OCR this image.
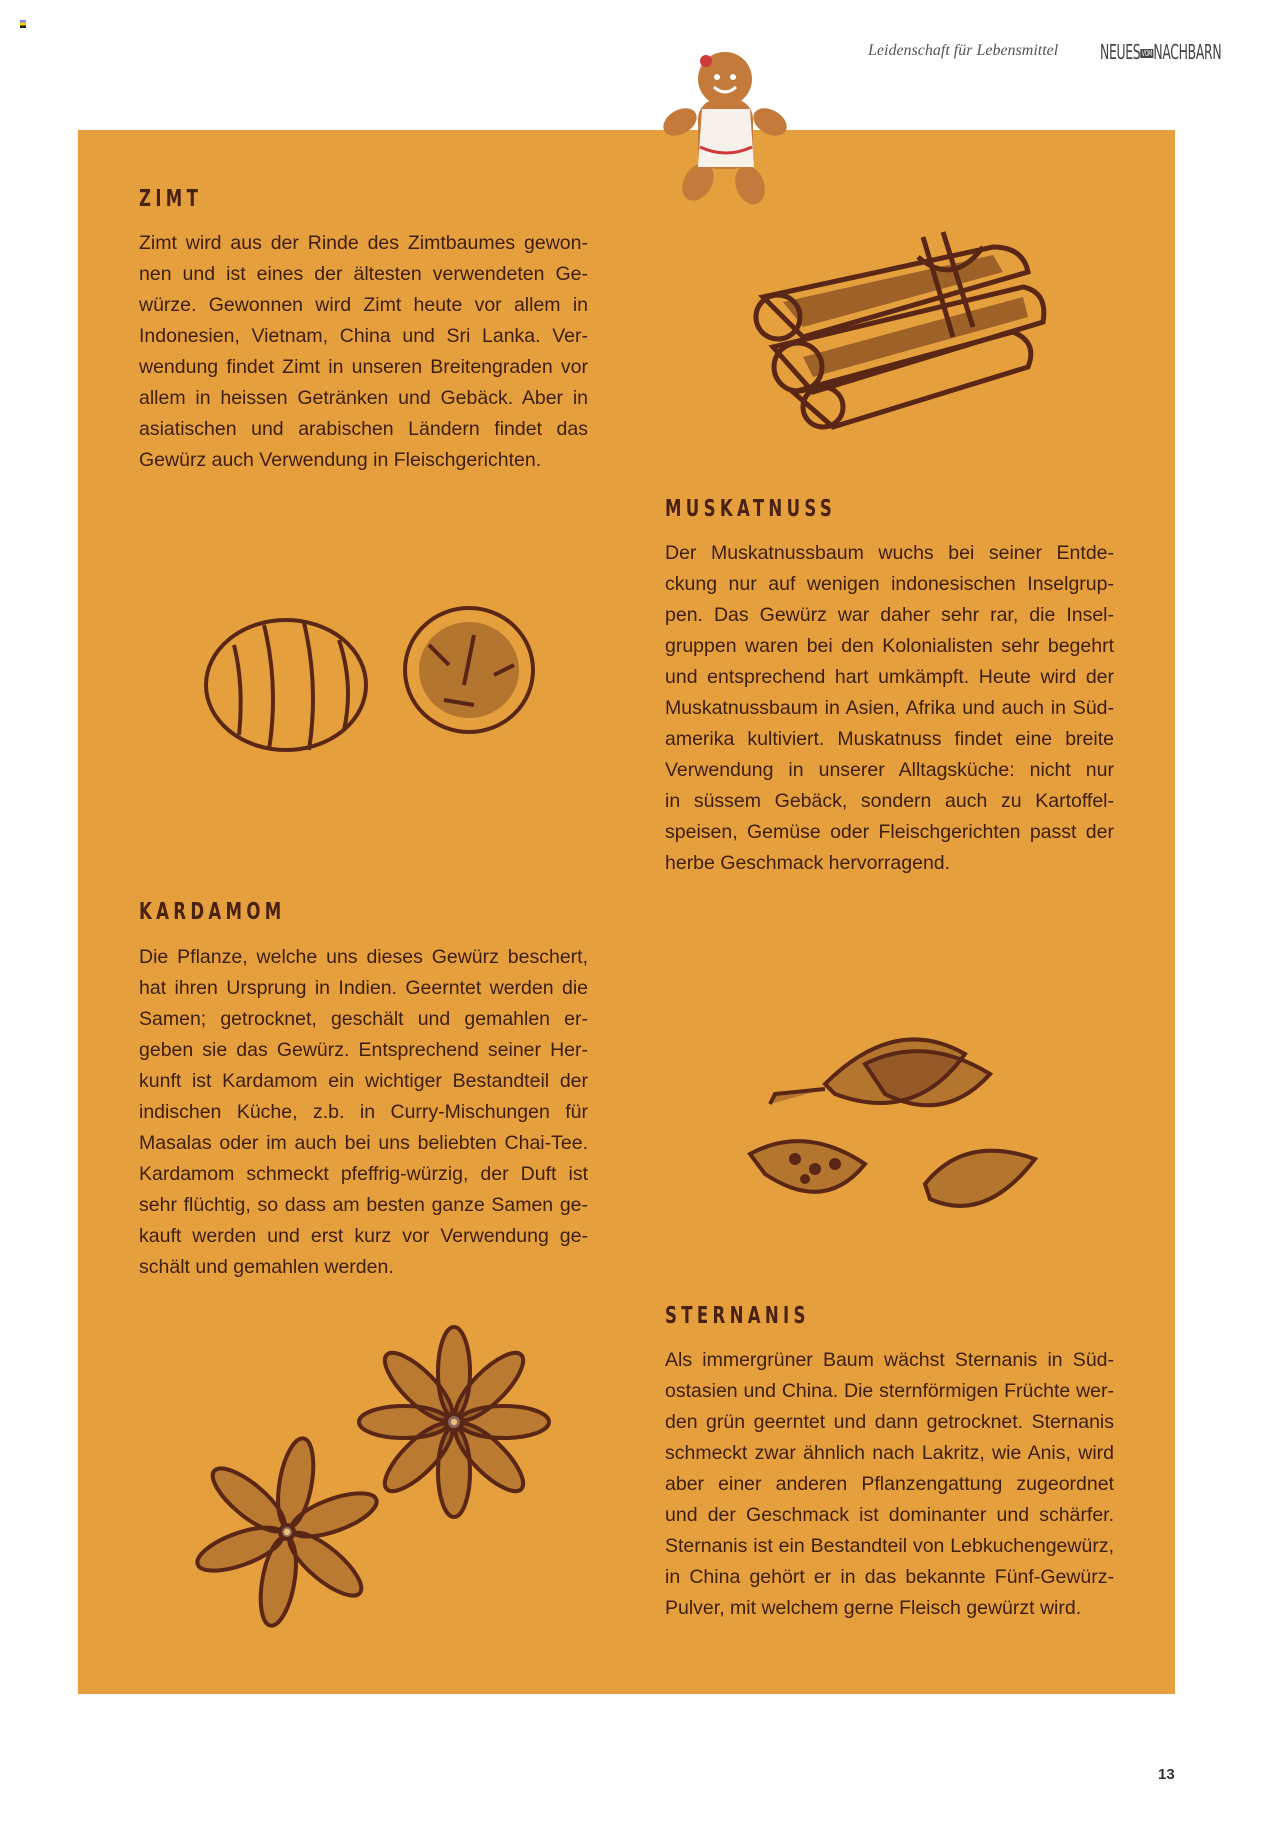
Leidenschaft für Lebensmittel NEUESVOMNACHBARN
ZIMT
Zimt wird aus der Rinde des Zimtbaumes gewon-
nen und ist eines der ältesten verwendeten Ge-
würze. Gewonnen wird Zimt heute vor allem in
Indonesien, Vietnam, China und Sri Lanka. Ver-
wendung findet Zimt in unseren Breitengraden vor
allem in heissen Getränken und Gebäck. Aber in
asiatischen und arabischen Ländern findet das
Gewürz auch Verwendung in Fleischgerichten.
MUSKATNUSS
Der Muskatnussbaum wuchs bei seiner Entde-
ckung nur auf wenigen indonesischen Inselgrup-
pen. Das Gewürz war daher sehr rar, die Insel-
gruppen waren bei den Kolonialisten sehr begehrt
und entsprechend hart umkämpft. Heute wird der
Muskatnussbaum in Asien, Afrika und auch in Süd-
amerika kultiviert. Muskatnuss findet eine breite
Verwendung in unserer Alltagsküche: nicht nur
in süssem Gebäck, sondern auch zu Kartoffel-
speisen, Gemüse oder Fleischgerichten passt der
herbe Geschmack hervorragend.
KARDAMOM
Die Pflanze, welche uns dieses Gewürz beschert,
hat ihren Ursprung in Indien. Geerntet werden die
Samen; getrocknet, geschält und gemahlen er-
geben sie das Gewürz. Entsprechend seiner Her-
kunft ist Kardamom ein wichtiger Bestandteil der
indischen Küche, z.b. in Curry-Mischungen für
Masalas oder im auch bei uns beliebten Chai-Tee.
Kardamom schmeckt pfeffrig-würzig, der Duft ist
sehr flüchtig, so dass am besten ganze Samen ge-
kauft werden und erst kurz vor Verwendung ge-
schält und gemahlen werden.
STERNANIS
Als immergrüner Baum wächst Sternanis in Süd-
ostasien und China. Die sternförmigen Früchte wer-
den grün geerntet und dann getrocknet. Sternanis
schmeckt zwar ähnlich nach Lakritz, wie Anis, wird
aber einer anderen Pflanzengattung zugeordnet
und der Geschmack ist dominanter und schärfer.
Sternanis ist ein Bestandteil von Lebkuchengewürz,
in China gehört er in das bekannte Fünf-Gewürz-
Pulver, mit welchem gerne Fleisch gewürzt wird.
13
